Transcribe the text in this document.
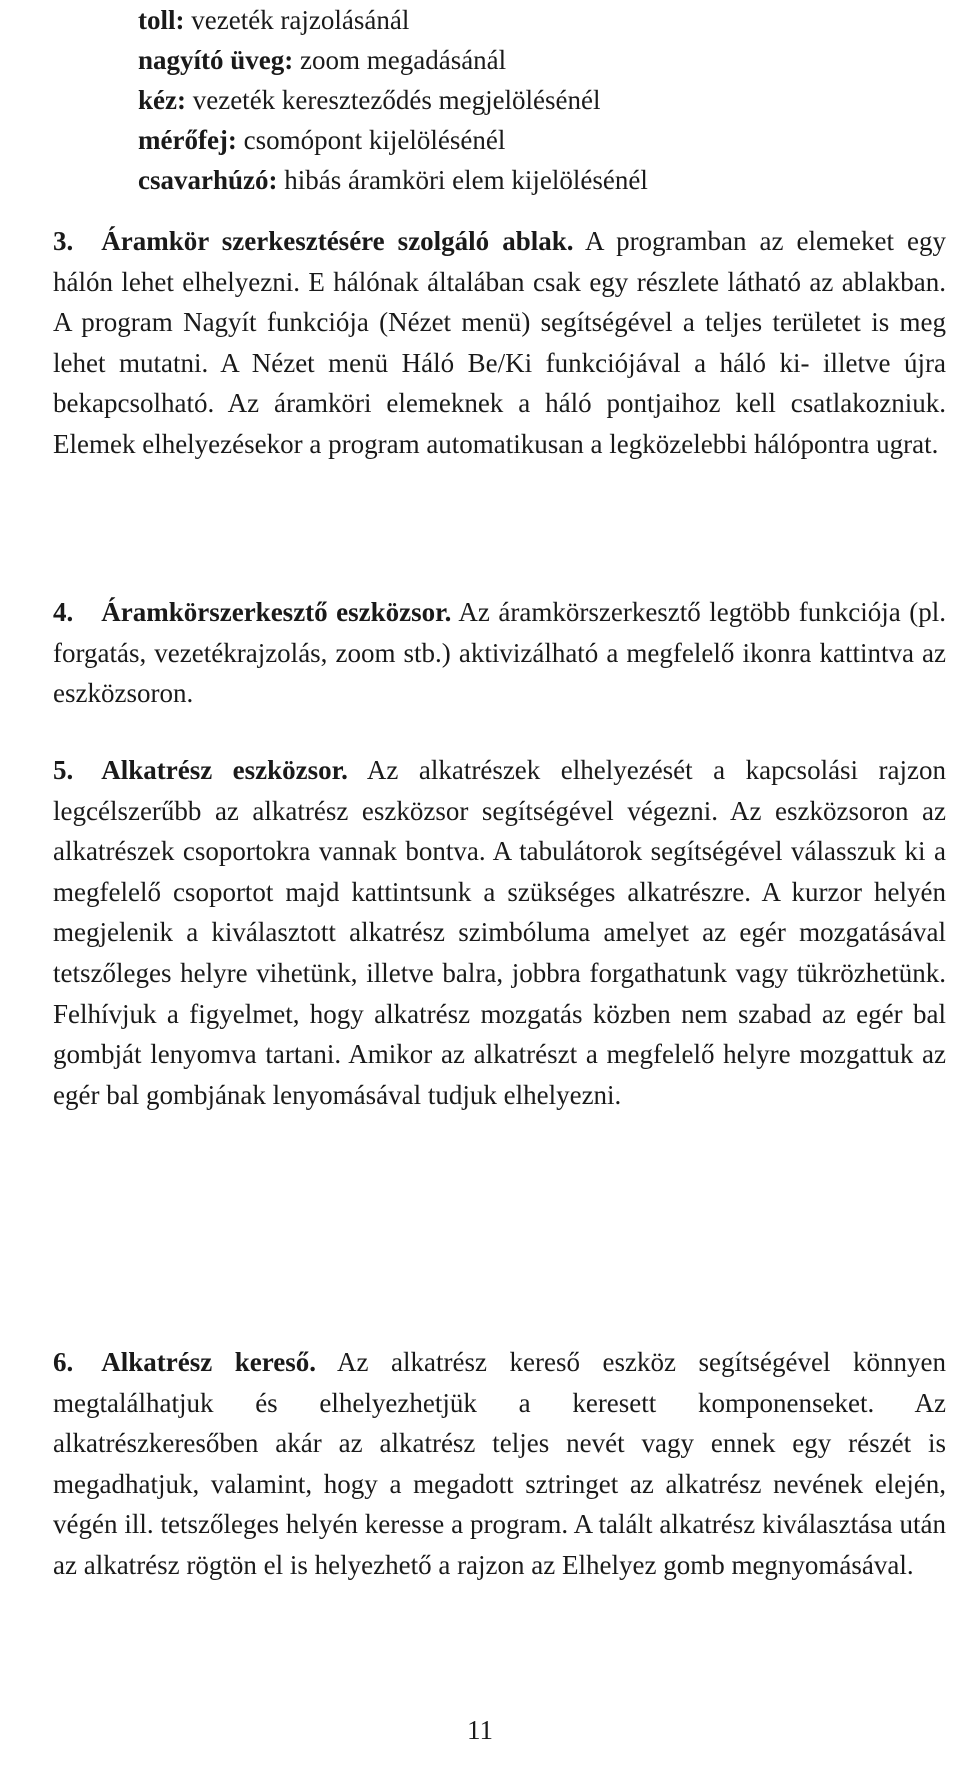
toll: vezeték rajzolásánál
nagyító üveg: zoom megadásánál
kéz: vezeték kereszteződés megjelölésénél
mérőfej: csomópont kijelölésénél
csavarhúzó: hibás áramköri elem kijelölésénél
3. Áramkör szerkesztésére szolgáló ablak. A programban az elemeket egy hálón lehet elhelyezni. E hálónak általában csak egy részlete látható az ablakban. A program Nagyít funkciója (Nézet menü) segítségével a teljes területet is meg lehet mutatni. A Nézet menü Háló Be/Ki funkciójával a háló ki- illetve újra bekapcsolható. Az áramköri elemeknek a háló pontjaihoz kell csatlakozniuk. Elemek elhelyezésekor a program automatikusan a legközelebbi hálópontra ugrat.
4. Áramkörszerkesztő eszközsor. Az áramkörszerkesztő legtöbb funkciója (pl. forgatás, vezetékrajzolás, zoom stb.) aktivizálható a megfelelő ikonra kattintva az eszközsoron.
5. Alkatrész eszközsor. Az alkatrészek elhelyezését a kapcsolási rajzon legcélszerűbb az alkatrész eszközsor segítségével végezni. Az eszközsoron az alkatrészek csoportokra vannak bontva. A tabulátorok segítségével válasszuk ki a megfelelő csoportot majd kattintsunk a szükséges alkatrészre. A kurzor helyén megjelenik a kiválasztott alkatrész szimbóluma amelyet az egér mozgatásával tetszőleges helyre vihetünk, illetve balra, jobbra forgathatunk vagy tükrözhetünk. Felhívjuk a figyelmet, hogy alkatrész mozgatás közben nem szabad az egér bal gombját lenyomva tartani. Amikor az alkatrészt a megfelelő helyre mozgattuk az egér bal gombjának lenyomásával tudjuk elhelyezni.
6. Alkatrész kereső. Az alkatrész kereső eszköz segítségével könnyen megtalálhatjuk és elhelyezhetjük a keresett komponenseket. Az alkatrészkeresőben akár az alkatrész teljes nevét vagy ennek egy részét is megadhatjuk, valamint, hogy a megadott sztringet az alkatrész nevének elején, végén ill. tetszőleges helyén keresse a program. A talált alkatrész kiválasztása után az alkatrész rögtön el is helyezhető a rajzon az Elhelyez gomb megnyomásával.
11
